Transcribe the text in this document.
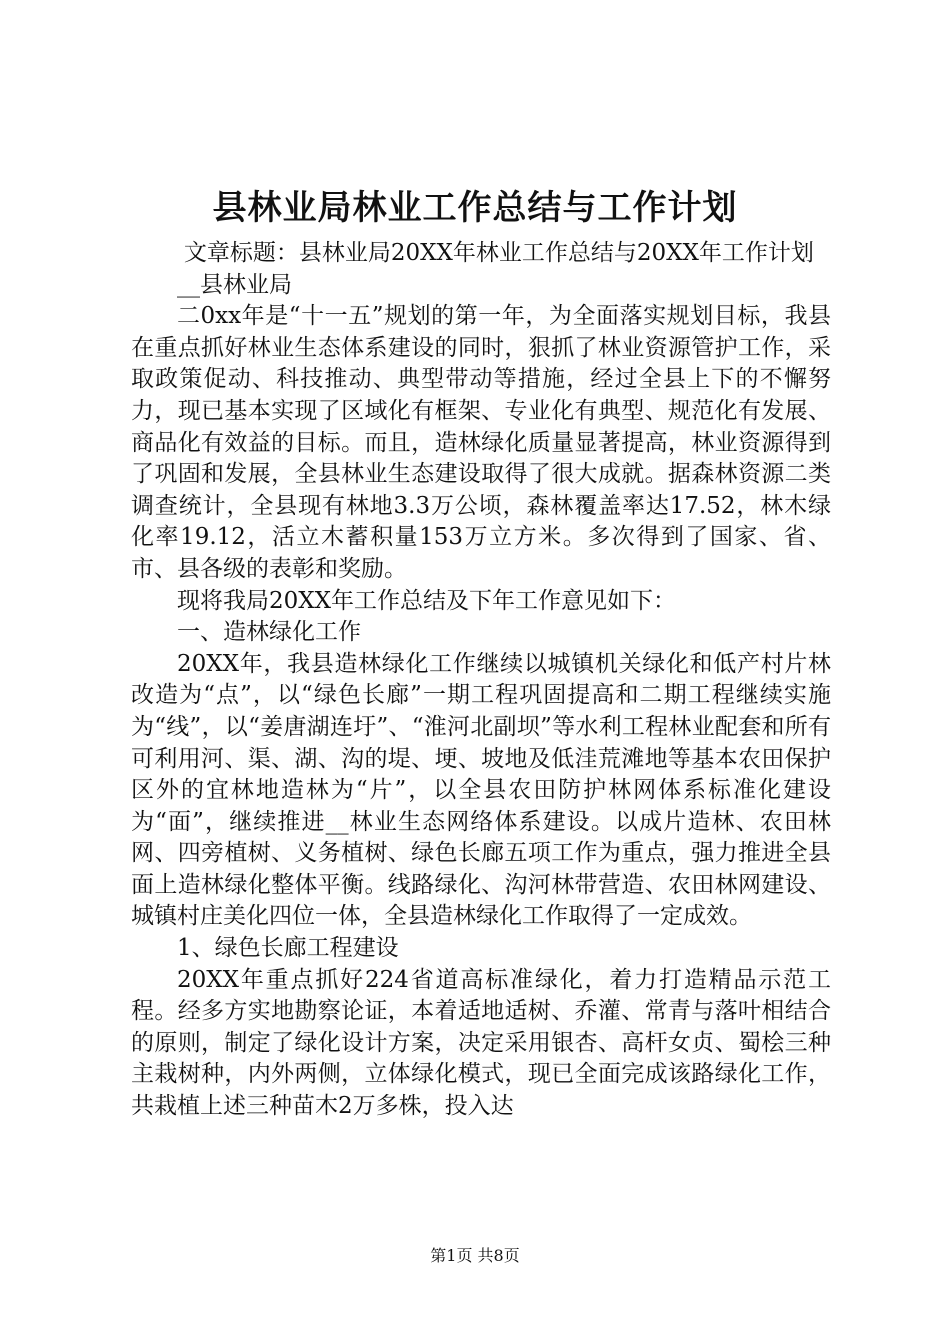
县林业局林业工作总结与工作计划

文章标题：县林业局20XX年林业工作总结与20XX年工作计划

__县林业局

二0xx年是“十一五”规划的第一年，为全面落实规划目标，我县在重点抓好林业生态体系建设的同时，狠抓了林业资源管护工作，采取政策促动、科技推动、典型带动等措施，经过全县上下的不懈努力，现已基本实现了区域化有框架、专业化有典型、规范化有发展、商品化有效益的目标。而且，造林绿化质量显著提高，林业资源得到了巩固和发展，全县林业生态建设取得了很大成就。据森林资源二类调查统计，全县现有林地3.3万公顷，森林覆盖率达17.52，林木绿化率19.12，活立木蓄积量153万立方米。多次得到了国家、省、市、县各级的表彰和奖励。

现将我局20XX年工作总结及下年工作意见如下：

一、造林绿化工作

20XX年，我县造林绿化工作继续以城镇机关绿化和低产村片林改造为“点”，以“绿色长廊”一期工程巩固提高和二期工程继续实施为“线”，以“姜唐湖连圩”、“淮河北副坝”等水利工程林业配套和所有可利用河、渠、湖、沟的堤、埂、坡地及低洼荒滩地等基本农田保护区外的宜林地造林为“片”，以全县农田防护林网体系标准化建设为“面”，继续推进__林业生态网络体系建设。以成片造林、农田林网、四旁植树、义务植树、绿色长廊五项工作为重点，强力推进全县面上造林绿化整体平衡。线路绿化、沟河林带营造、农田林网建设、城镇村庄美化四位一体，全县造林绿化工作取得了一定成效。

1、绿色长廊工程建设

20XX年重点抓好224省道高标准绿化，着力打造精品示范工程。经多方实地勘察论证，本着适地适树、乔灌、常青与落叶相结合的原则，制定了绿化设计方案，决定采用银杏、高杆女贞、蜀桧三种主栽树种，内外两侧，立体绿化模式，现已全面完成该路绿化工作，共栽植上述三种苗木2万多株，投入达

第1页 共8页
